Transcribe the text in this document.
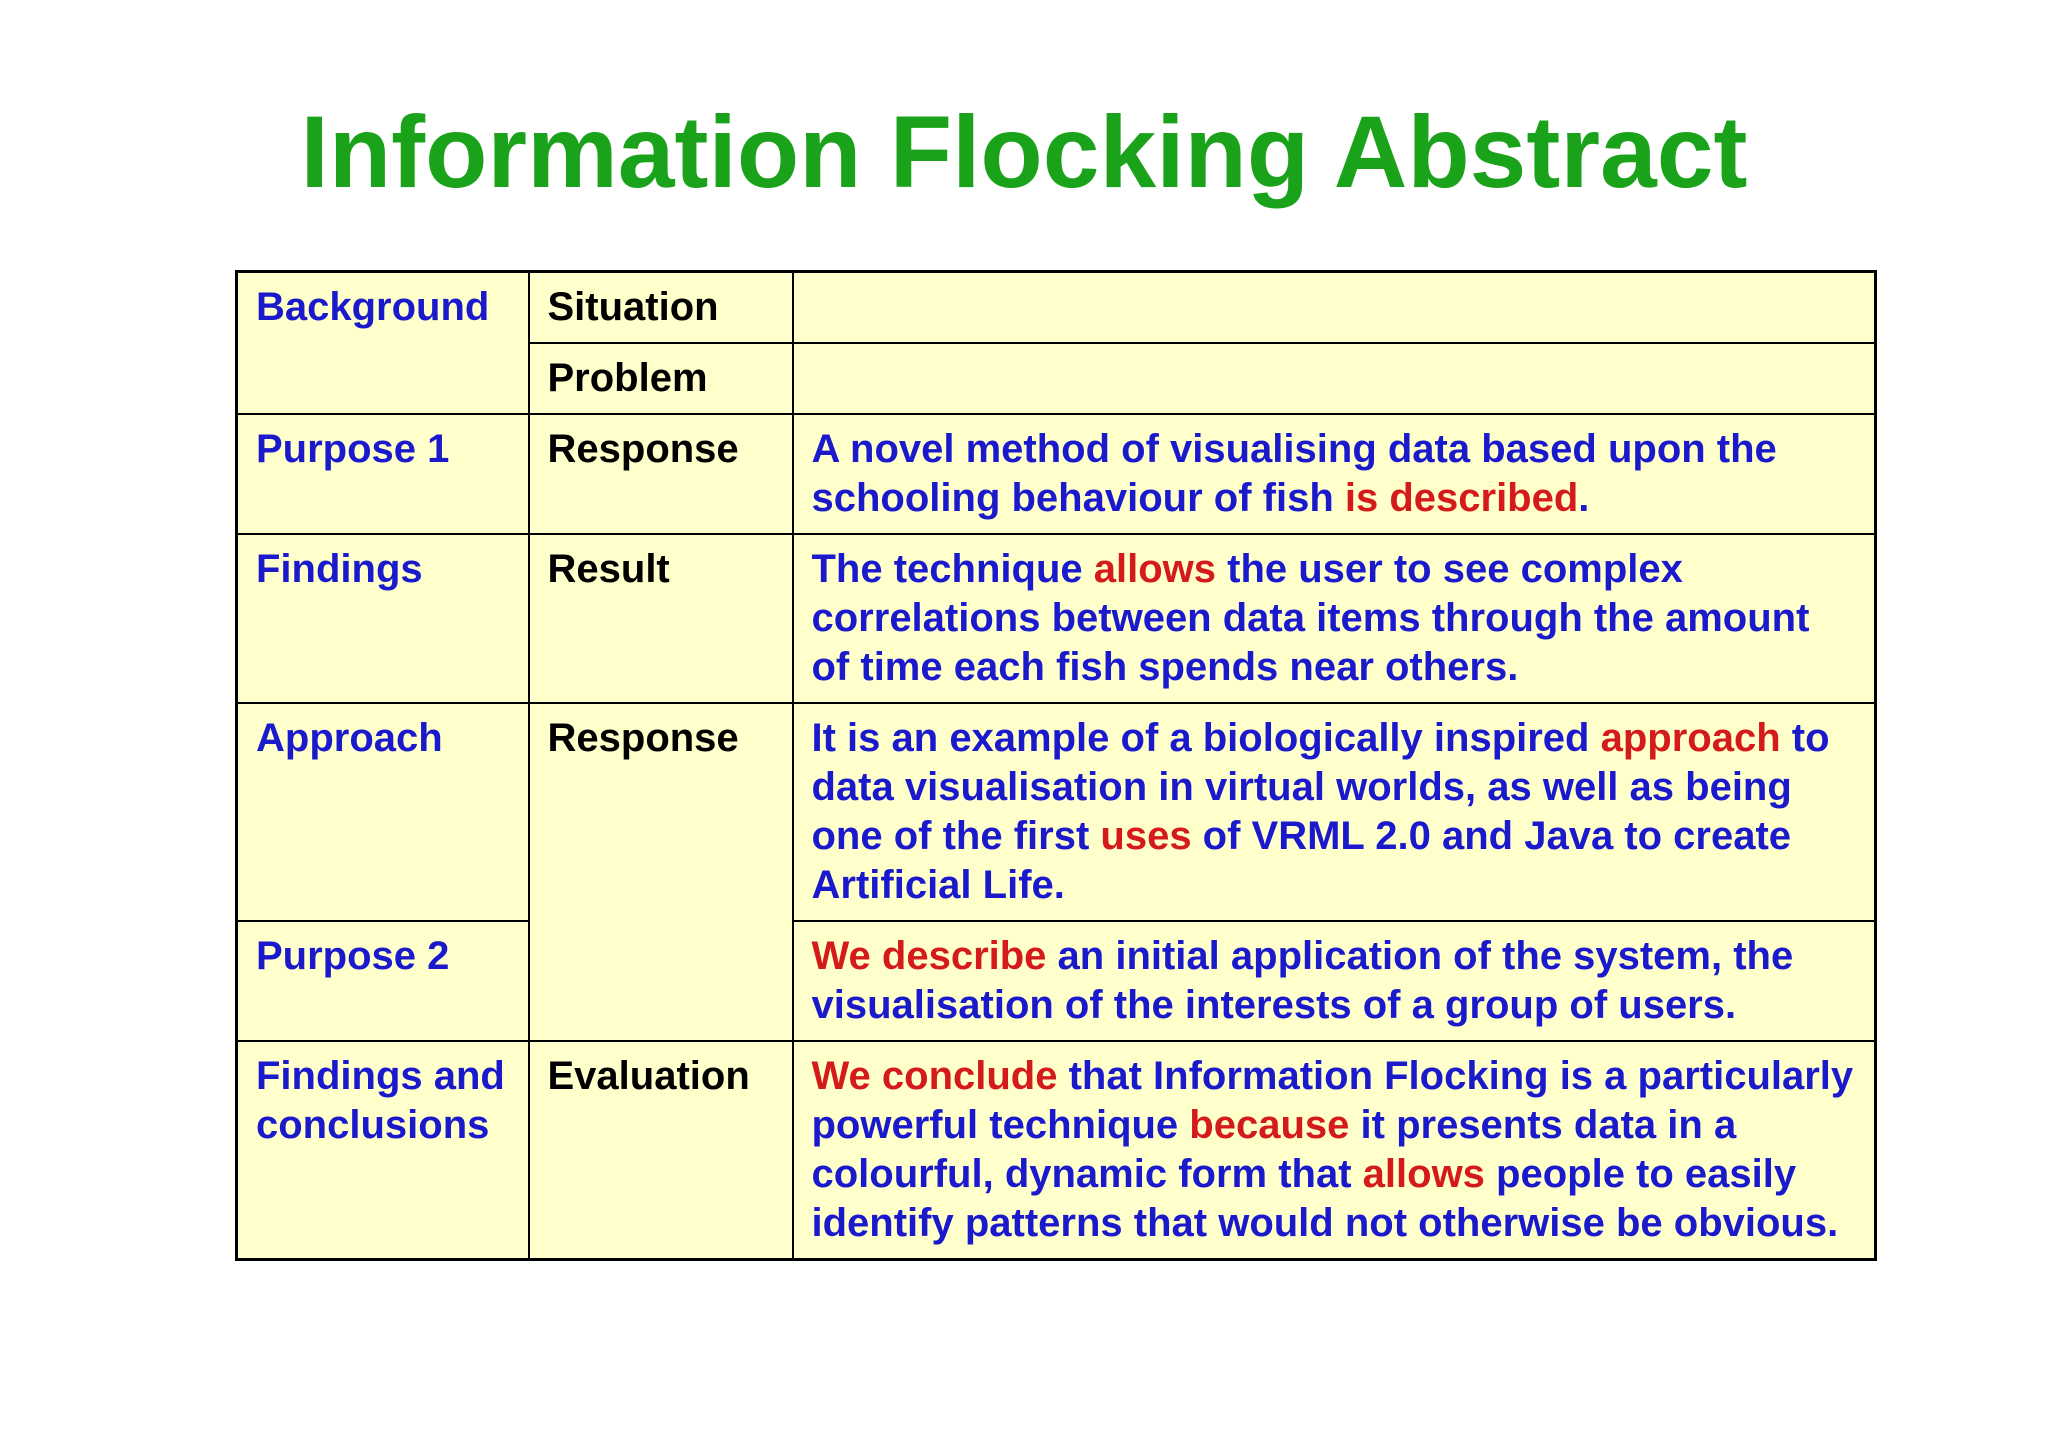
Information Flocking Abstract
Background	Situation	
	Problem	
Purpose 1	Response	A novel method of visualising data based upon the schooling behaviour of fish is described.
Findings	Result	The technique allows the user to see complex correlations between data items through the amount of time each fish spends near others.
Approach	Response	It is an example of a biologically inspired approach to data visualisation in virtual worlds, as well as being one of the first uses of VRML 2.0 and Java to create Artificial Life.
Purpose 2		We describe an initial application of the system, the visualisation of the interests of a group of users.
Findings and conclusions	Evaluation	We conclude that Information Flocking is a particularly powerful technique because it presents data in a colourful, dynamic form that allows people to easily identify patterns that would not otherwise be obvious.
